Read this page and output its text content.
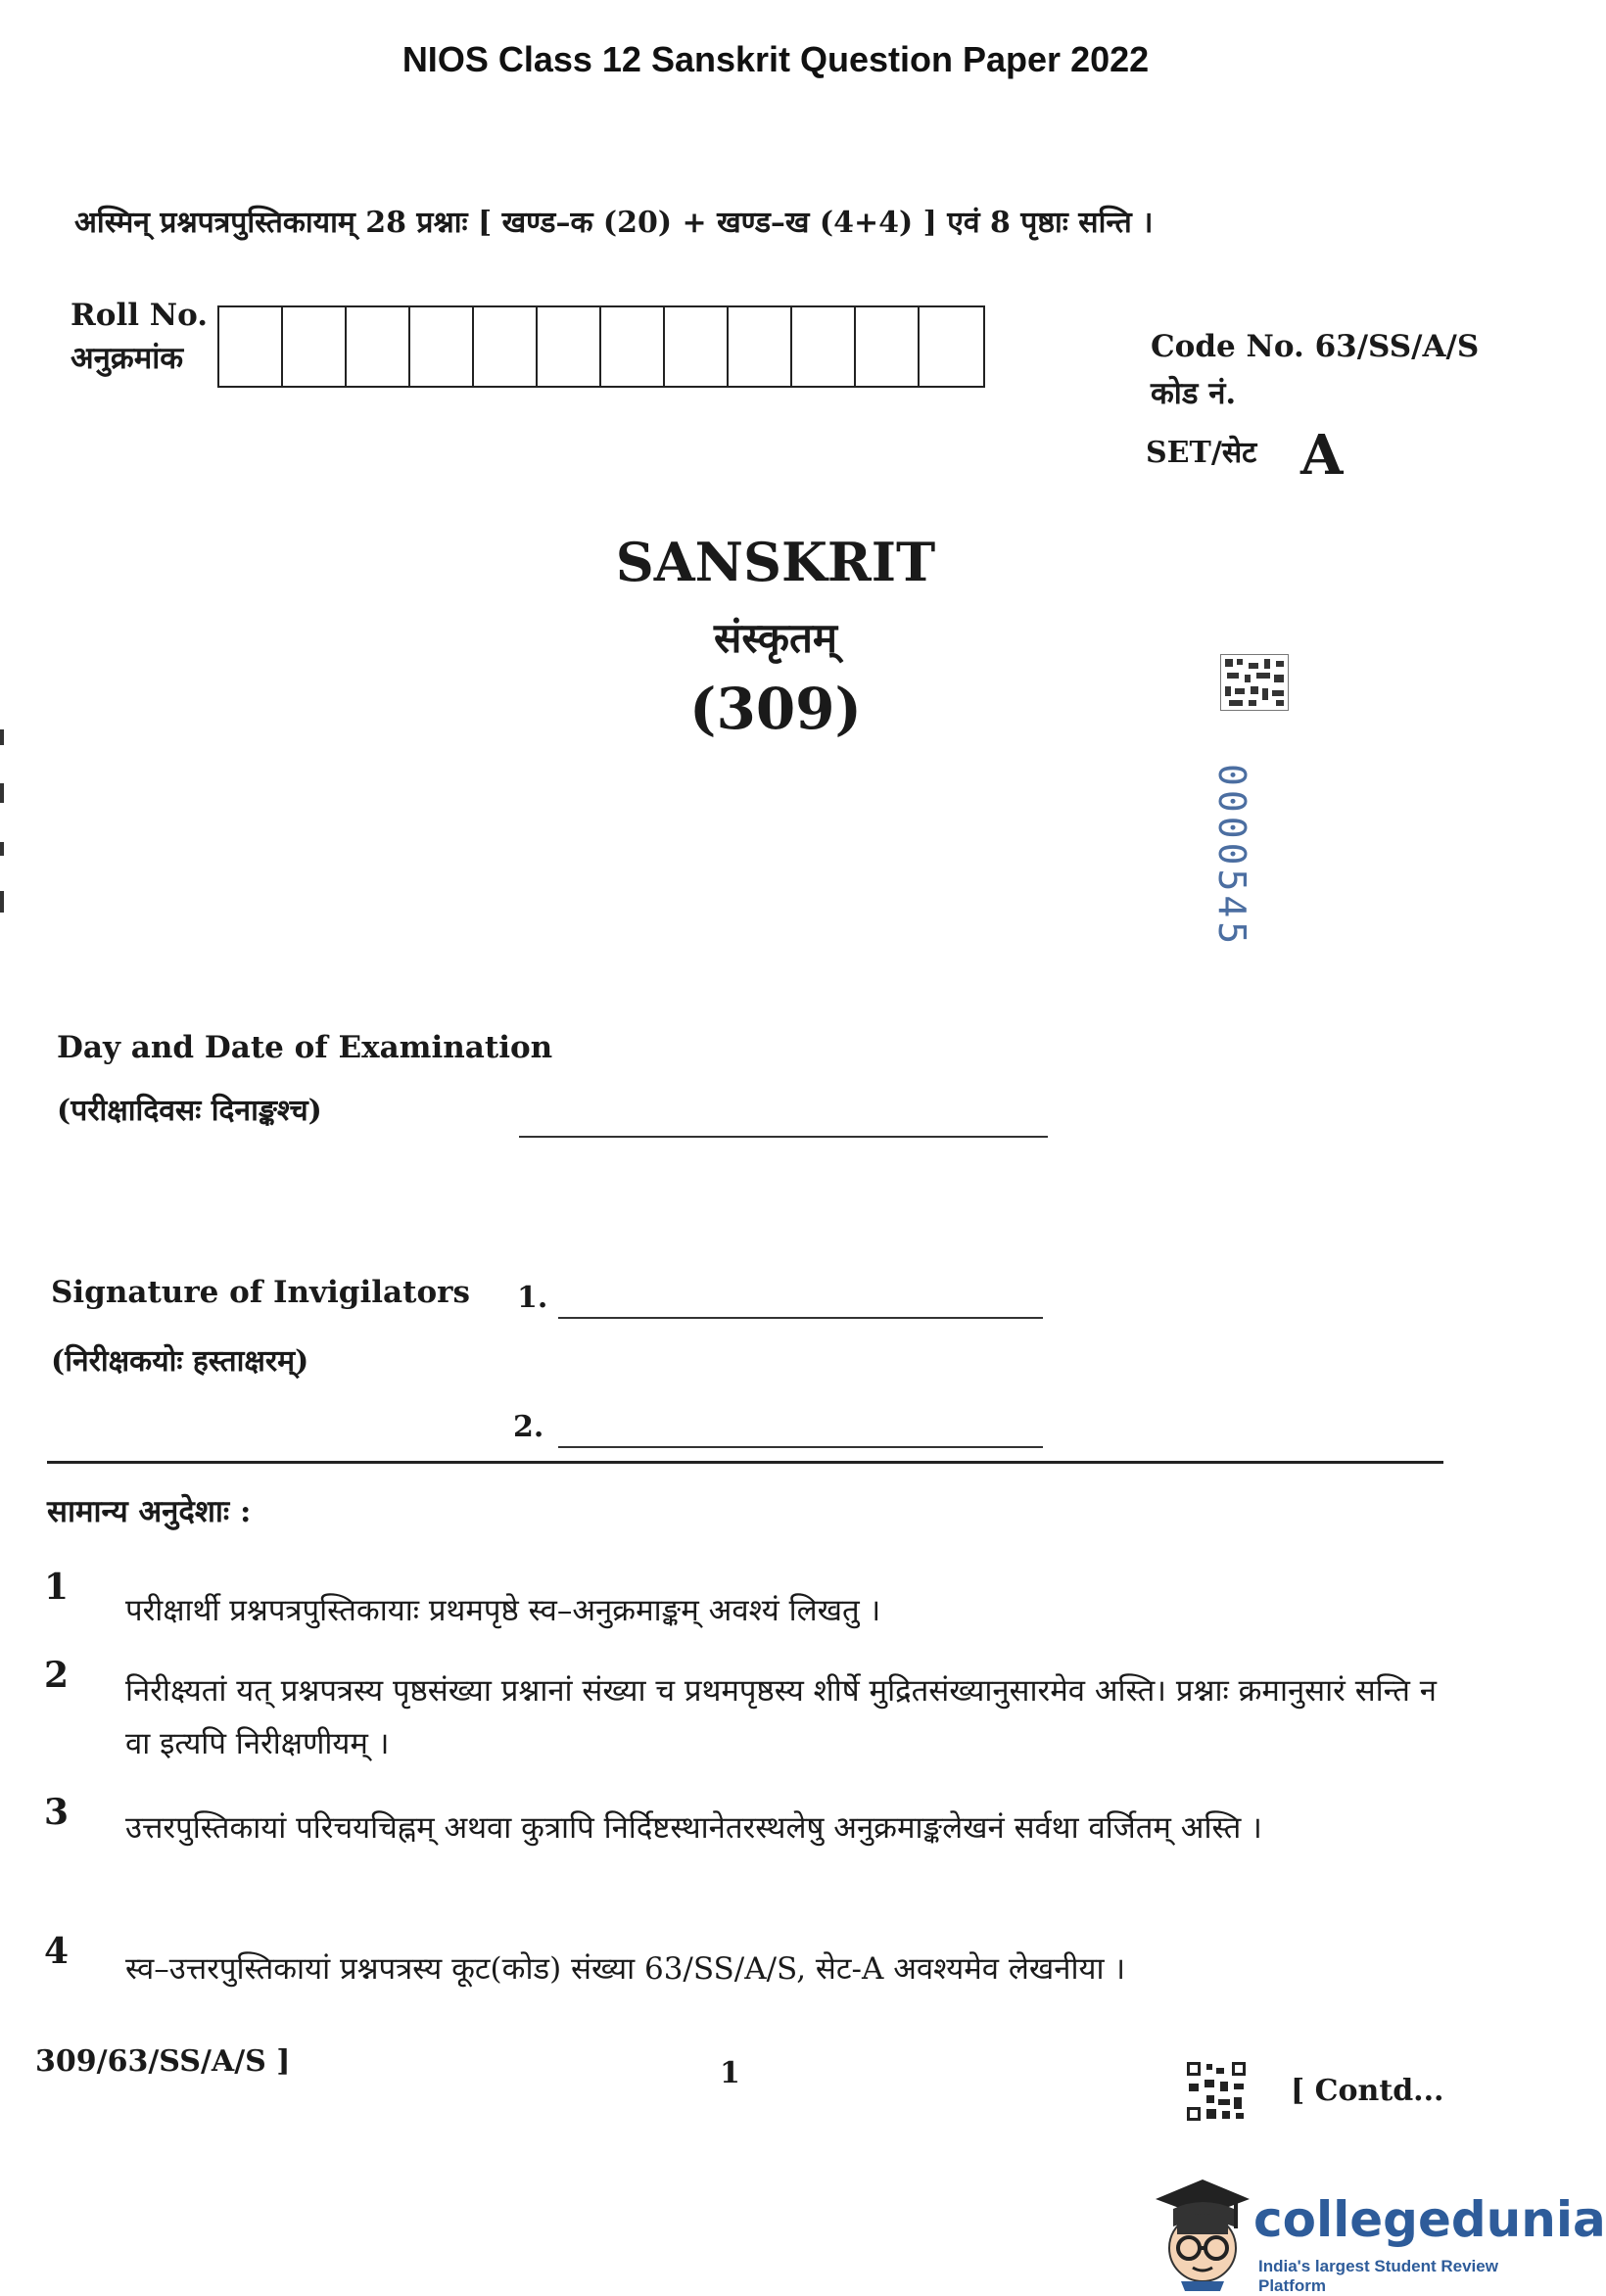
NIOS Class 12 Sanskrit Question Paper 2022
अस्मिन् प्रश्नपत्रपुस्तिकायाम् 28 प्रश्नाः [ खण्ड–क (20) + खण्ड–ख (4+4) ] एवं 8 पृष्ठाः सन्ति ।
Roll No.
अनुक्रमांक	Code No. 63/SS/A/S
कोड नं.
SET/सेट A
SANSKRIT
संस्कृतम्
(309)
0000545
Day and Date of Examination
(परीक्षादिवसः दिनाङ्कश्च)
Signature of Invigilators
(निरीक्षकयोः हस्ताक्षरम्)
1.
2.
सामान्य अनुदेशाः :
1
परीक्षार्थी प्रश्नपत्रपुस्तिकायाः प्रथमपृष्ठे स्व–अनुक्रमाङ्कम् अवश्यं लिखतु ।
2 निरीक्ष्यतां यत् प्रश्नपत्रस्य पृष्ठसंख्या प्रश्नानां संख्या च प्रथमपृष्ठस्य शीर्षे मुद्रितसंख्यानुसारमेव अस्ति। प्रश्नाः क्रमानुसारं सन्ति न वा इत्यपि निरीक्षणीयम् ।
3 उत्तरपुस्तिकायां परिचयचिह्नम् अथवा कुत्रापि निर्दिष्टस्थानेतरस्थलेषु अनुक्रमाङ्कलेखनं सर्वथा वर्जितम् अस्ति ।
4 स्व–उत्तरपुस्तिकायां प्रश्नपत्रस्य कूट(कोड) संख्या 63/SS/A/S, सेट-A अवश्यमेव लेखनीया ।
309/63/SS/A/S ]	1
[ Contd...
collegedunia
India's largest Student Review Platform
